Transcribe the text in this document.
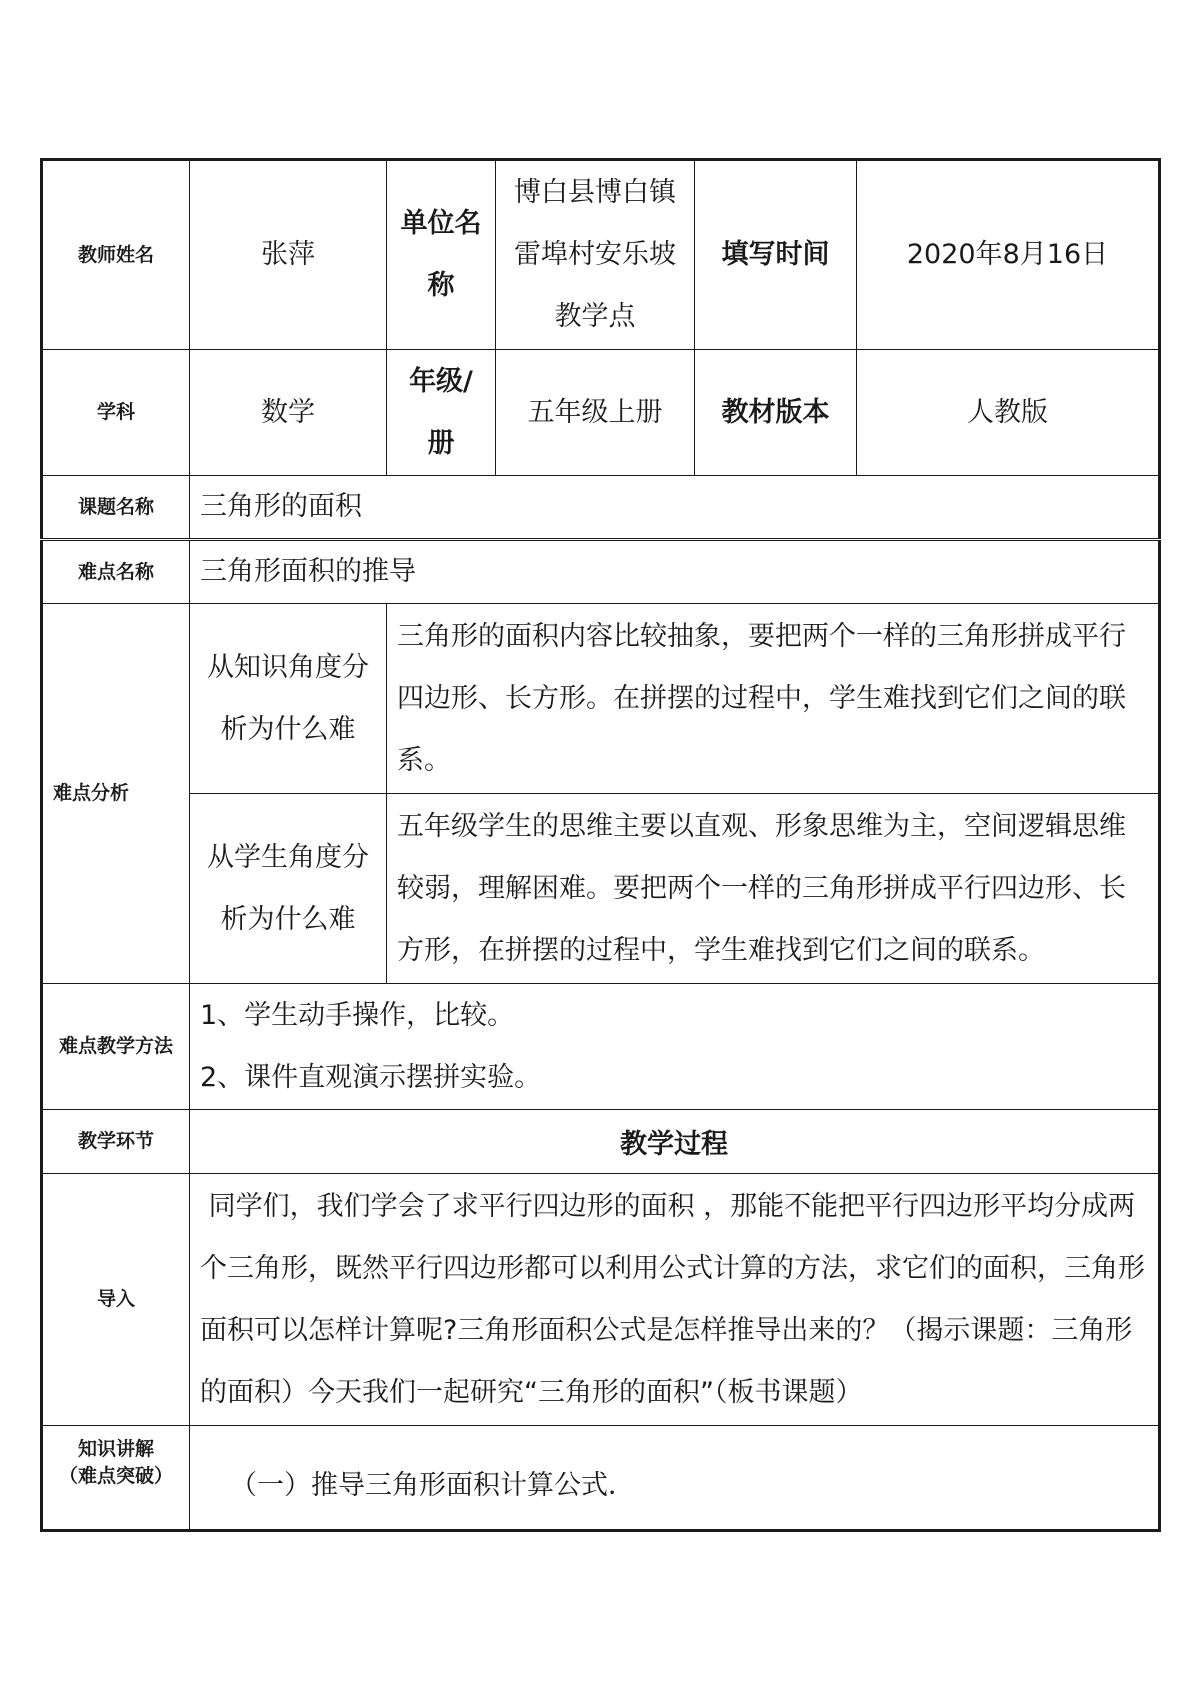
教师姓名	张萍	单位名称	博白县博白镇雷埠村安乐坡教学点	填写时间	2020年8月16日
学科	数学	年级/册	五年级上册	教材版本	人教版
课题名称	三角形的面积				
难点名称	三角形面积的推导				
难点分析	从知识角度分析为什么难	三角形的面积内容比较抽象，要把两个一样的三角形拼成平行四边形、长方形。在拼摆的过程中，学生难找到它们之间的联系。			
	从学生角度分析为什么难	五年级学生的思维主要以直观、形象思维为主，空间逻辑思维较弱，理解困难。要把两个一样的三角形拼成平行四边形、长方形，在拼摆的过程中，学生难找到它们之间的联系。			
难点教学方法	1、学生动手操作，比较。
2、课件直观演示摆拼实验。				

教学环节	教学过程				
导入	同学们，我们学会了求平行四边形的面积 ，那能不能把平行四边形平均分成两个三角形，既然平行四边形都可以利用公式计算的方法，求它们的面积，三角形面积可以怎样计算呢?三角形面积公式是怎样推导出来的？（揭示课题：三角形的面积）今天我们一起研究“三角形的面积”（板书课题）				

知识讲解
（难点突破）	（一）推导三角形面积计算公式．				
